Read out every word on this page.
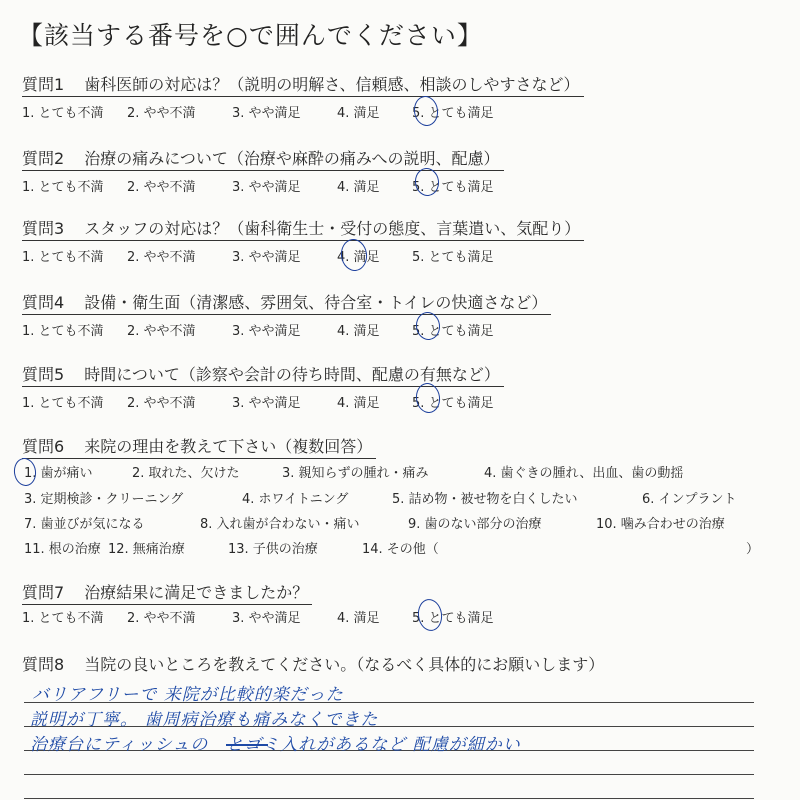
【該当する番号を○で囲んでください】
質問1 歯科医師の対応は？（説明の明解さ、信頼感、相談のしやすさなど）
1. とても不満 2. やや不満	3. やや満足	4. 満足 5. とても満足
質問2 治療の痛みについて（治療や麻酔の痛みへの説明、配慮）
1. とても不満 2. やや不満	3. やや満足	4. 満足 5. とても満足
質問3 スタッフの対応は？（歯科衛生士・受付の態度、言葉遣い、気配り）
1. とても不満 2. やや不満	3. やや満足	4. 満足 5. とても満足
質問4 設備・衛生面（清潔感、雰囲気、待合室・トイレの快適さなど）
1. とても不満 2. やや不満	3. やや満足	4. 満足 5. とても満足
質問5 時間について（診察や会計の待ち時間、配慮の有無など）
1. とても不満 2. やや不満	3. やや満足	4. 満足 5. とても満足
質問6 来院の理由を教えて下さい（複数回答）
1. 歯が痛い	2. 取れた、欠けた	3. 親知らずの腫れ・痛み	4. 歯ぐきの腫れ、出血、歯の動揺
3. 定期検診・クリーニング	4. ホワイトニング	5. 詰め物・被せ物を白くしたい	6. インプラント
7. 歯並びが気になる	8. 入れ歯が合わない・痛い	9. 歯のない部分の治療	10. 噛み合わせの治療
11. 根の治療 12. 無痛治療	13. 子供の治療	14. その他（	）
質問7 治療結果に満足できましたか？
1. とても不満 2. やや不満	3. やや満足	4. 満足 5. とても満足
質問8 当院の良いところを教えてください。（なるべく具体的にお願いします）
バリアフリーで 来院が比較的楽だった
説明が丁寧。 歯周病治療も痛みなくできた
治療台にティッシュの　とゴミ入れがあるなど 配慮が細かい
